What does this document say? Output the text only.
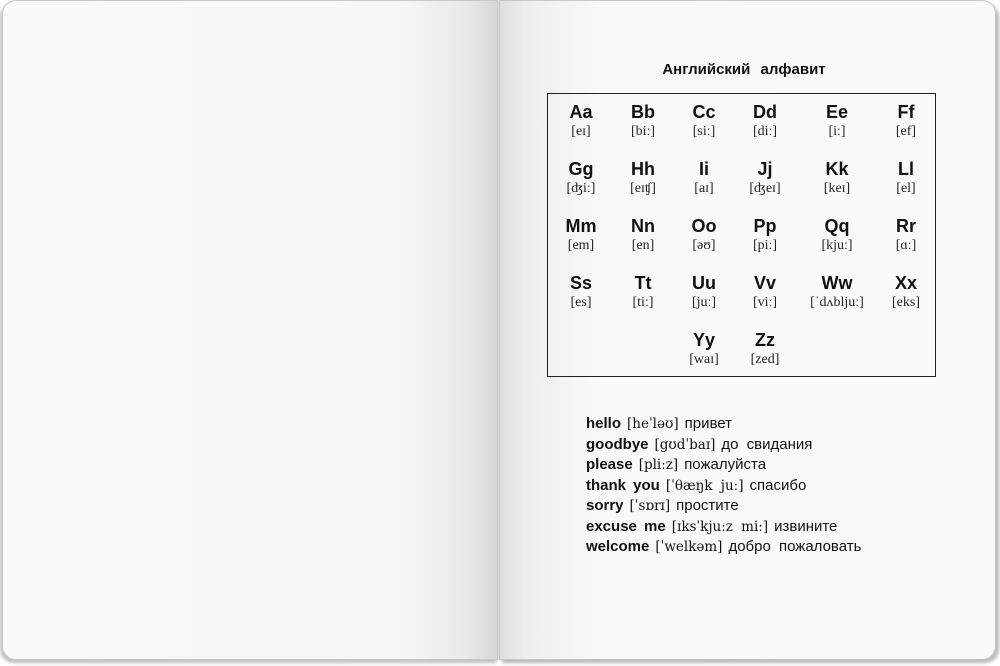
Английский алфавит
Aa
[eɪ]
Bb
[biː]
Cc
[siː]
Dd
[diː]
Ee
[iː]
Ff
[ef]
Gg
[ʤiː]
Hh
[eɪʧ]
Ii
[aɪ]
Jj
[ʤeɪ]
Kk
[keɪ]
Ll
[el]
Mm
[em]
Nn
[en]
Oo
[əʊ]
Pp
[piː]
Qq
[kjuː]
Rr
[ɑː]
Ss
[es]
Tt
[tiː]
Uu
[juː]
Vv
[viː]
Ww
[ˈdʌbljuː]
Xx
[eks]
Yy
[waɪ]
Zz
[zed]
hello [heˈləʊ] привет
goodbye [gʊdˈbaɪ] до свидания
please [pliːz] пожалуйста
thank you [ˈθæŋk juː] спасибо
sorry [ˈsɒrɪ] простите
excuse me [ɪksˈkjuːz miː] извините
welcome [ˈwelkəm] добро пожаловать
